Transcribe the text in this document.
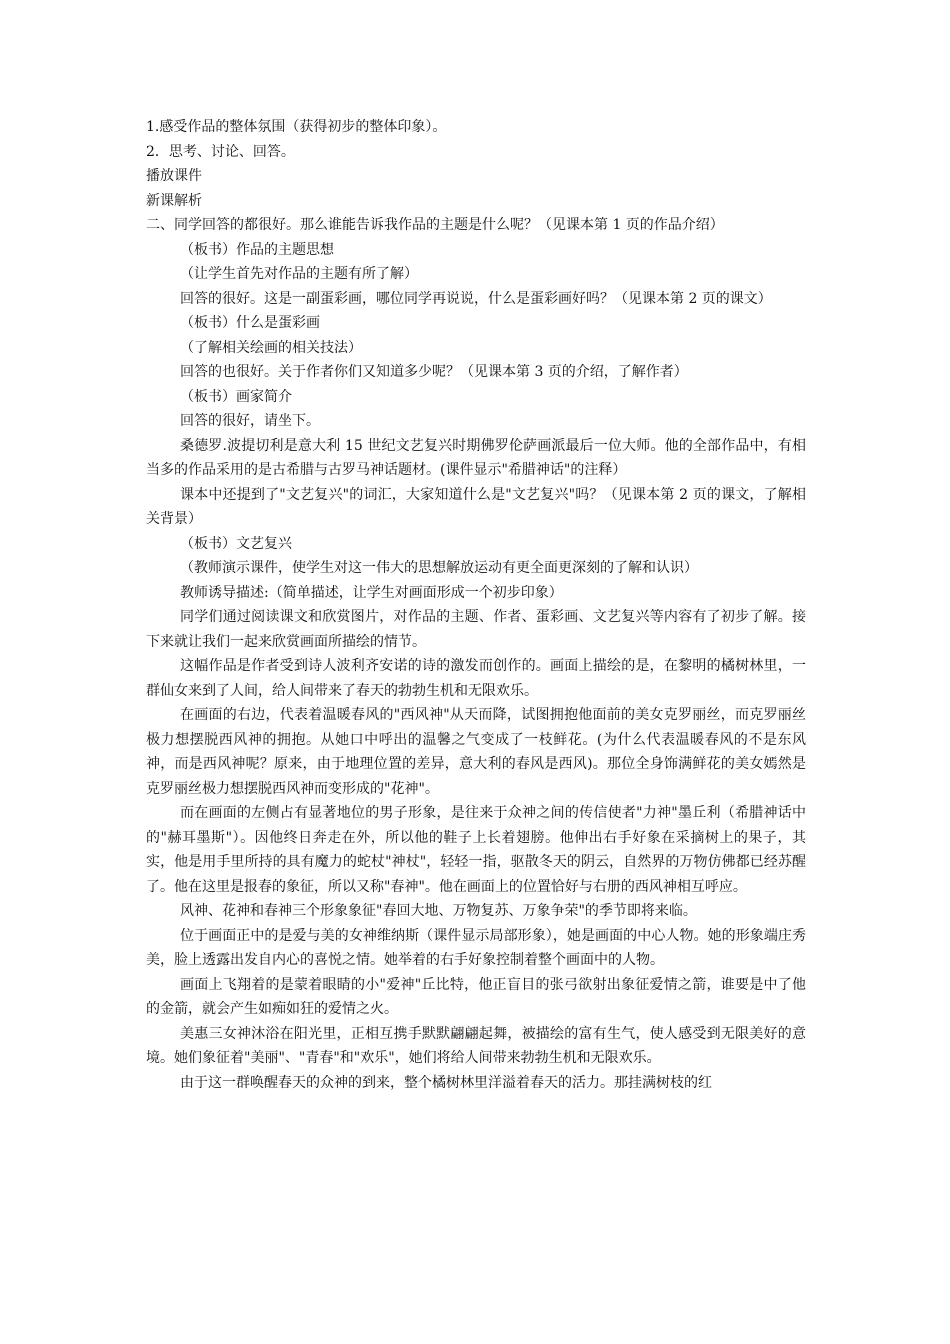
1.感受作品的整体氛围（获得初步的整体印象）。

2．思考、讨论、回答。

播放课件

新课解析

二、同学回答的都很好。那么谁能告诉我作品的主题是什么呢？（见课本第 1 页的作品介绍）

（板书）作品的主题思想

（让学生首先对作品的主题有所了解）

回答的很好。这是一副蛋彩画，哪位同学再说说，什么是蛋彩画好吗？（见课本第 2 页的课文）

（板书）什么是蛋彩画

（了解相关绘画的相关技法）

回答的也很好。关于作者你们又知道多少呢？（见课本第 3 页的介绍，了解作者）

（板书）画家简介

回答的很好，请坐下。

桑德罗.波提切利是意大利 15 世纪文艺复兴时期佛罗伦萨画派最后一位大师。他的全部作品中，有相当多的作品采用的是古希腊与古罗马神话题材。(课件显示"希腊神话"的注释）

课本中还提到了"文艺复兴"的词汇，大家知道什么是"文艺复兴"吗？（见课本第 2 页的课文，了解相关背景）

（板书）文艺复兴

（教师演示课件，使学生对这一伟大的思想解放运动有更全面更深刻的了解和认识）

教师诱导描述:（简单描述，让学生对画面形成一个初步印象）

同学们通过阅读课文和欣赏图片，对作品的主题、作者、蛋彩画、文艺复兴等内容有了初步了解。接下来就让我们一起来欣赏画面所描绘的情节。

这幅作品是作者受到诗人波利齐安诺的诗的激发而创作的。画面上描绘的是，在黎明的橘树林里，一群仙女来到了人间，给人间带来了春天的勃勃生机和无限欢乐。

在画面的右边，代表着温暖春风的"西风神"从天而降，试图拥抱他面前的美女克罗丽丝，而克罗丽丝极力想摆脱西风神的拥抱。从她口中呼出的温馨之气变成了一枝鲜花。(为什么代表温暖春风的不是东风神，而是西风神呢？原来，由于地理位置的差异，意大利的春风是西风)。那位全身饰满鲜花的美女嫣然是克罗丽丝极力想摆脱西风神而变形成的"花神"。

而在画面的左侧占有显著地位的男子形象，是往来于众神之间的传信使者"力神"墨丘利（希腊神话中的"赫耳墨斯"）。因他终日奔走在外，所以他的鞋子上长着翅膀。他伸出右手好象在采摘树上的果子，其实，他是用手里所持的具有魔力的蛇杖"神杖"，轻轻一指，驱散冬天的阴云，自然界的万物仿佛都已经苏醒了。他在这里是报春的象征，所以又称"春神"。他在画面上的位置恰好与右册的西风神相互呼应。

风神、花神和春神三个形象象征"春回大地、万物复苏、万象争荣"的季节即将来临。

位于画面正中的是爱与美的女神维纳斯（课件显示局部形象），她是画面的中心人物。她的形象端庄秀美，脸上透露出发自内心的喜悦之情。她举着的右手好象控制着整个画面中的人物。

画面上飞翔着的是蒙着眼睛的小"爱神"丘比特，他正盲目的张弓欲射出象征爱情之箭，谁要是中了他的金箭，就会产生如痴如狂的爱情之火。

美惠三女神沐浴在阳光里，正相互携手默默翩翩起舞，被描绘的富有生气，使人感受到无限美好的意境。她们象征着"美丽"、"青春"和"欢乐"，她们将给人间带来勃勃生机和无限欢乐。

由于这一群唤醒春天的众神的到来，整个橘树林里洋溢着春天的活力。那挂满树枝的红
